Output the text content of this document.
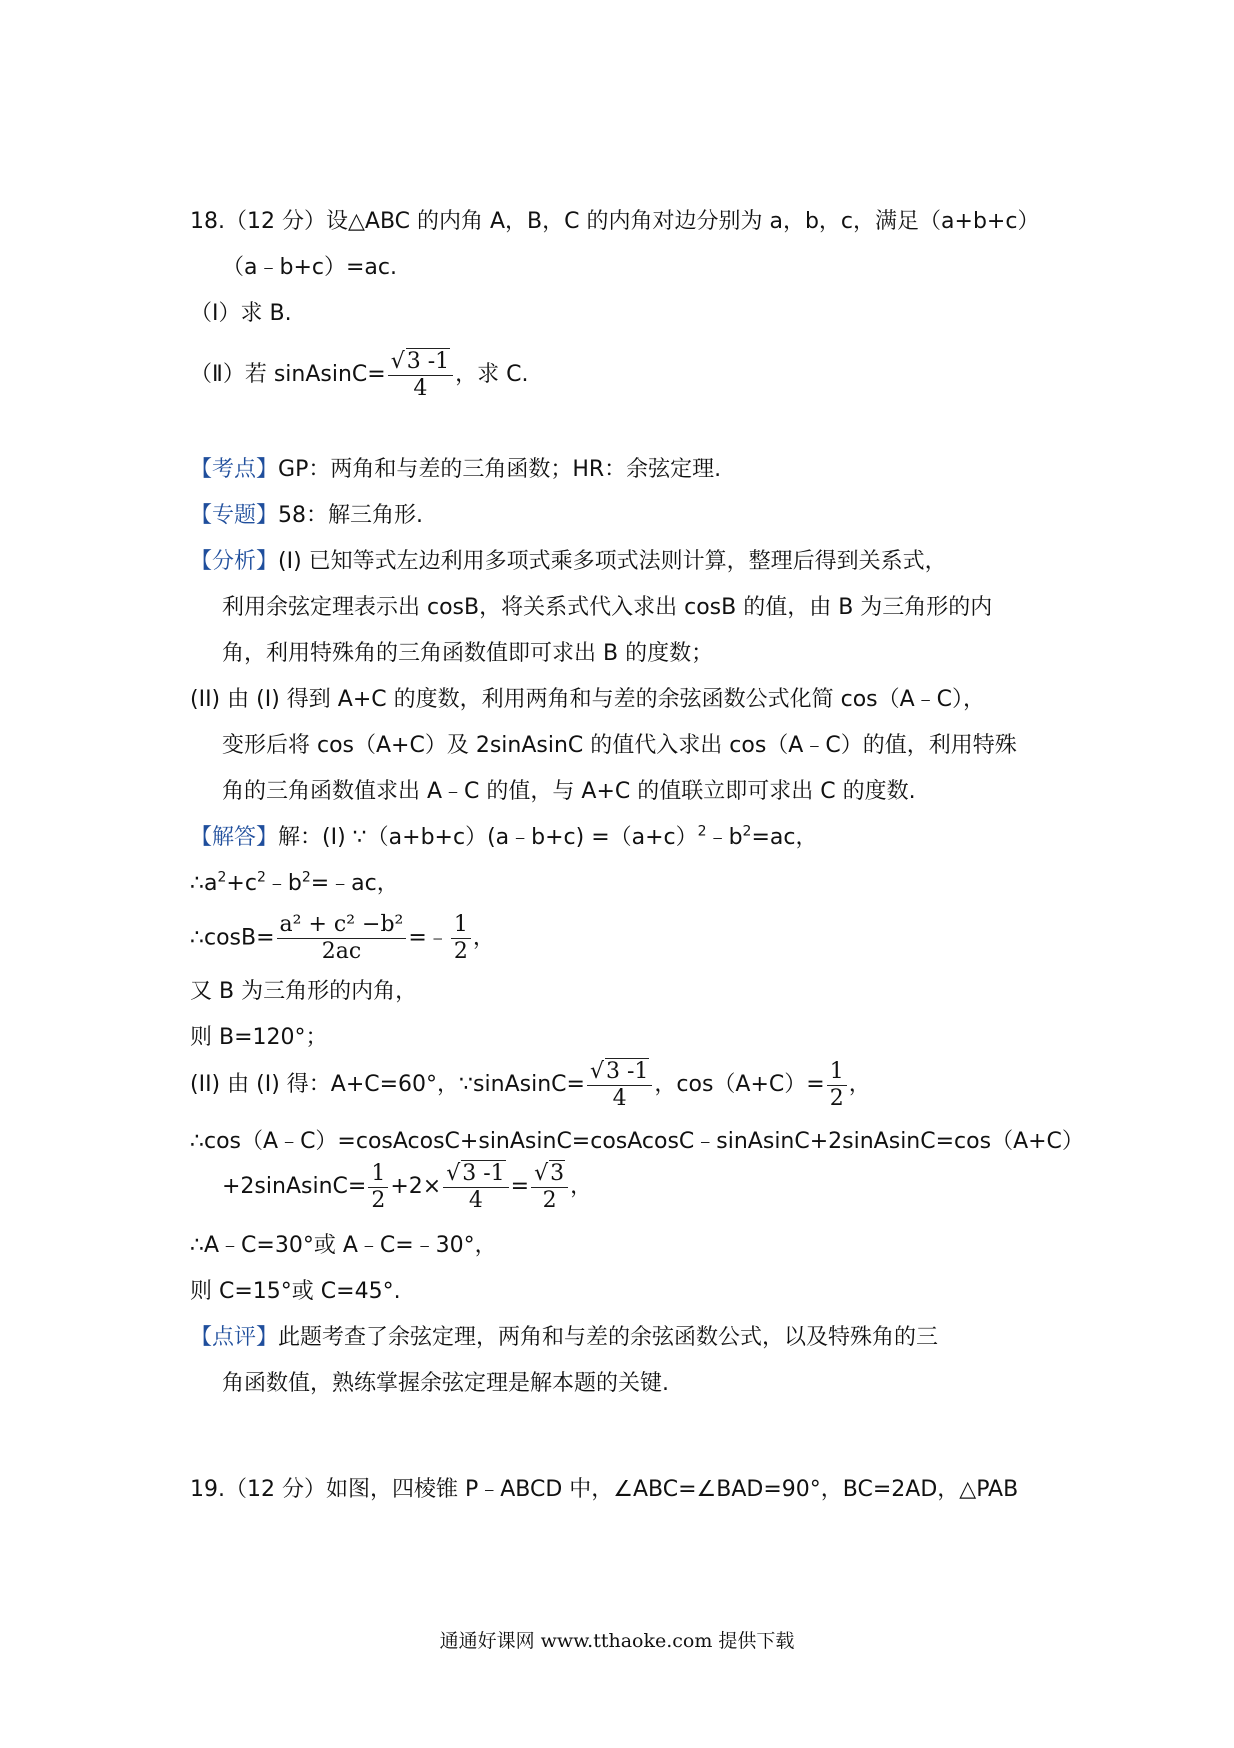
18.（12 分）设△ABC 的内角 A，B，C 的内角对边分别为 a，b，c，满足（a+b+c）
（a﹣b+c）=ac.
（Ⅰ）求 B.
（Ⅱ）若 sinAsinC= $\frac{√3 -1}{4}$ ，求 C.
【考点】GP：两角和与差的三角函数；HR：余弦定理.
【专题】58：解三角形.
【分析】(I) 已知等式左边利用多项式乘多项式法则计算，整理后得到关系式，
利用余弦定理表示出 cosB，将关系式代入求出 cosB 的值，由 B 为三角形的内
角，利用特殊角的三角函数值即可求出 B 的度数；
(II) 由 (I) 得到 A+C 的度数，利用两角和与差的余弦函数公式化简 cos（A﹣C），
变形后将 cos（A+C）及 2sinAsinC 的值代入求出 cos（A﹣C）的值，利用特殊
角的三角函数值求出 A﹣C 的值，与 A+C 的值联立即可求出 C 的度数.
【解答】解：(I) ∵（a+b+c）(a﹣b+c) $=(a+c)^2﹣b^2=ac$，
$\therefore a^2+c^2﹣b^2=﹣ac$，
∴cosB= $\frac{\text{a² + c² −b²}}{2ac}$ =﹣ $\frac{1}{2}$ ，
又 B 为三角形的内角，
则 B=120°；
(II) 由 (I) 得：A+C=60°，∵sinAsinC= $\frac{√3 -1}{4}$ ，$\cos(A+C)= \frac{1}{2}$ ，
∴cos（A﹣C）=cosAcosC+sinAsinC=cosAcosC﹣sinAsinC+2sinAsinC=cos（A+C）
+2sinAsinC= $\frac{1}{2} +2\times \frac{√3 -1}{4} = \frac{√3}{2}$ ，
∴A﹣C=30°或 A﹣C=﹣30°，
则 C=15°或 C=45°.
【点评】此题考查了余弦定理，两角和与差的余弦函数公式，以及特殊角的三
角函数值，熟练掌握余弦定理是解本题的关键.
19.（12 分）如图，四棱锥 P﹣ABCD 中，∠ABC=∠BAD=90°，BC=2AD，△PAB
通通好课网 www.tthaoke.com 提供下载
